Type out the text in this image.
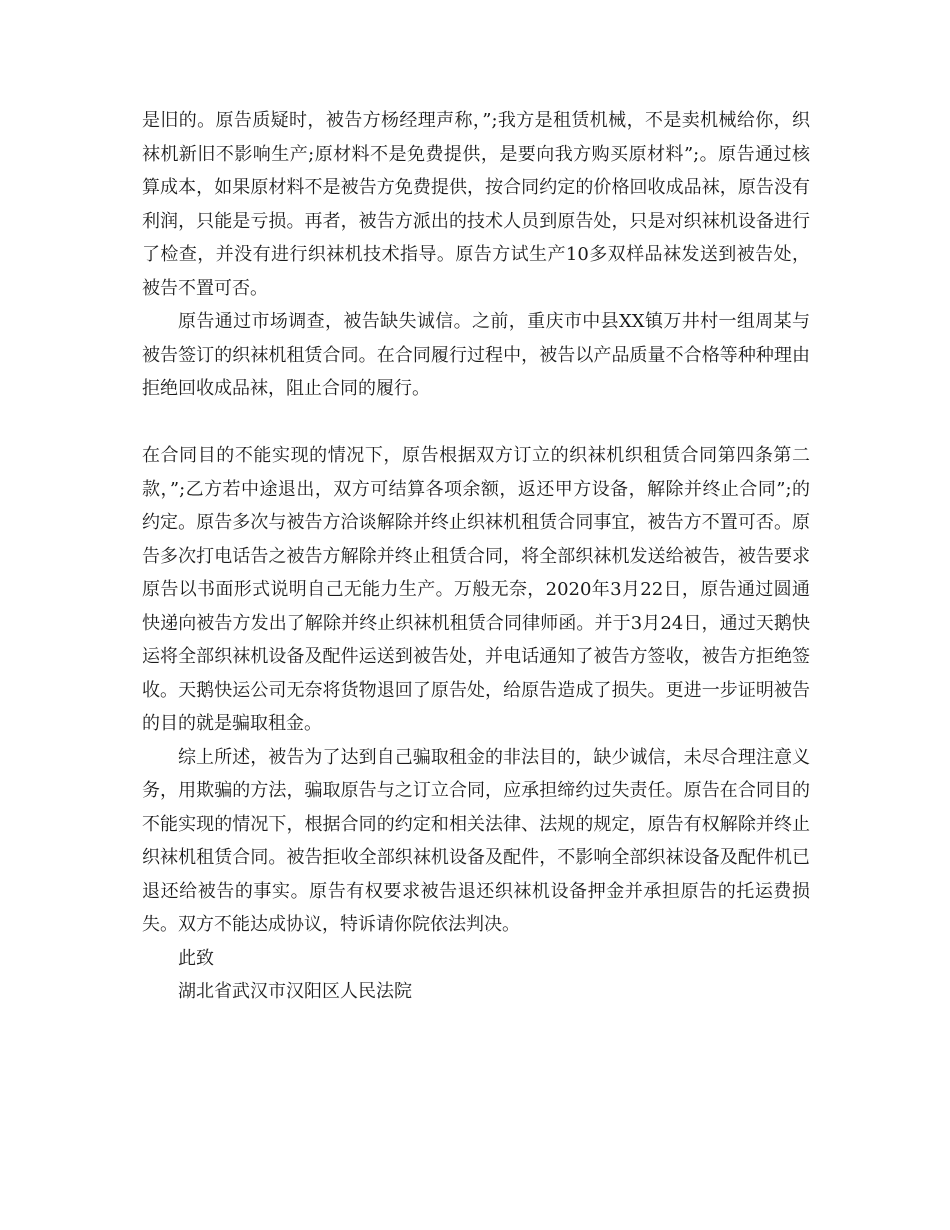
是旧的。原告质疑时，被告方杨经理声称，”;我方是租赁机械，不是卖机械给你，织袜机新旧不影响生产;原材料不是免费提供，是要向我方购买原材料”;。原告通过核算成本，如果原材料不是被告方免费提供，按合同约定的价格回收成品袜，原告没有利润，只能是亏损。再者，被告方派出的技术人员到原告处，只是对织袜机设备进行了检查，并没有进行织袜机技术指导。原告方试生产10多双样品袜发送到被告处，被告不置可否。

原告通过市场调查，被告缺失诚信。之前，重庆市中县XX镇万井村一组周某与被告签订的织袜机租赁合同。在合同履行过程中，被告以产品质量不合格等种种理由拒绝回收成品袜，阻止合同的履行。

在合同目的不能实现的情况下，原告根据双方订立的织袜机织租赁合同第四条第二款，”;乙方若中途退出，双方可结算各项余额，返还甲方设备，解除并终止合同”;的约定。原告多次与被告方洽谈解除并终止织袜机租赁合同事宜，被告方不置可否。原告多次打电话告之被告方解除并终止租赁合同，将全部织袜机发送给被告，被告要求原告以书面形式说明自己无能力生产。万般无奈，2020年3月22日，原告通过圆通快递向被告方发出了解除并终止织袜机租赁合同律师函。并于3月24日，通过天鹅快运将全部织袜机设备及配件运送到被告处，并电话通知了被告方签收，被告方拒绝签收。天鹅快运公司无奈将货物退回了原告处，给原告造成了损失。更进一步证明被告的目的就是骗取租金。

综上所述，被告为了达到自己骗取租金的非法目的，缺少诚信，未尽合理注意义务，用欺骗的方法，骗取原告与之订立合同，应承担缔约过失责任。原告在合同目的不能实现的情况下，根据合同的约定和相关法律、法规的规定，原告有权解除并终止织袜机租赁合同。被告拒收全部织袜机设备及配件，不影响全部织袜设备及配件机已退还给被告的事实。原告有权要求被告退还织袜机设备押金并承担原告的托运费损失。双方不能达成协议，特诉请你院依法判决。

此致

湖北省武汉市汉阳区人民法院
